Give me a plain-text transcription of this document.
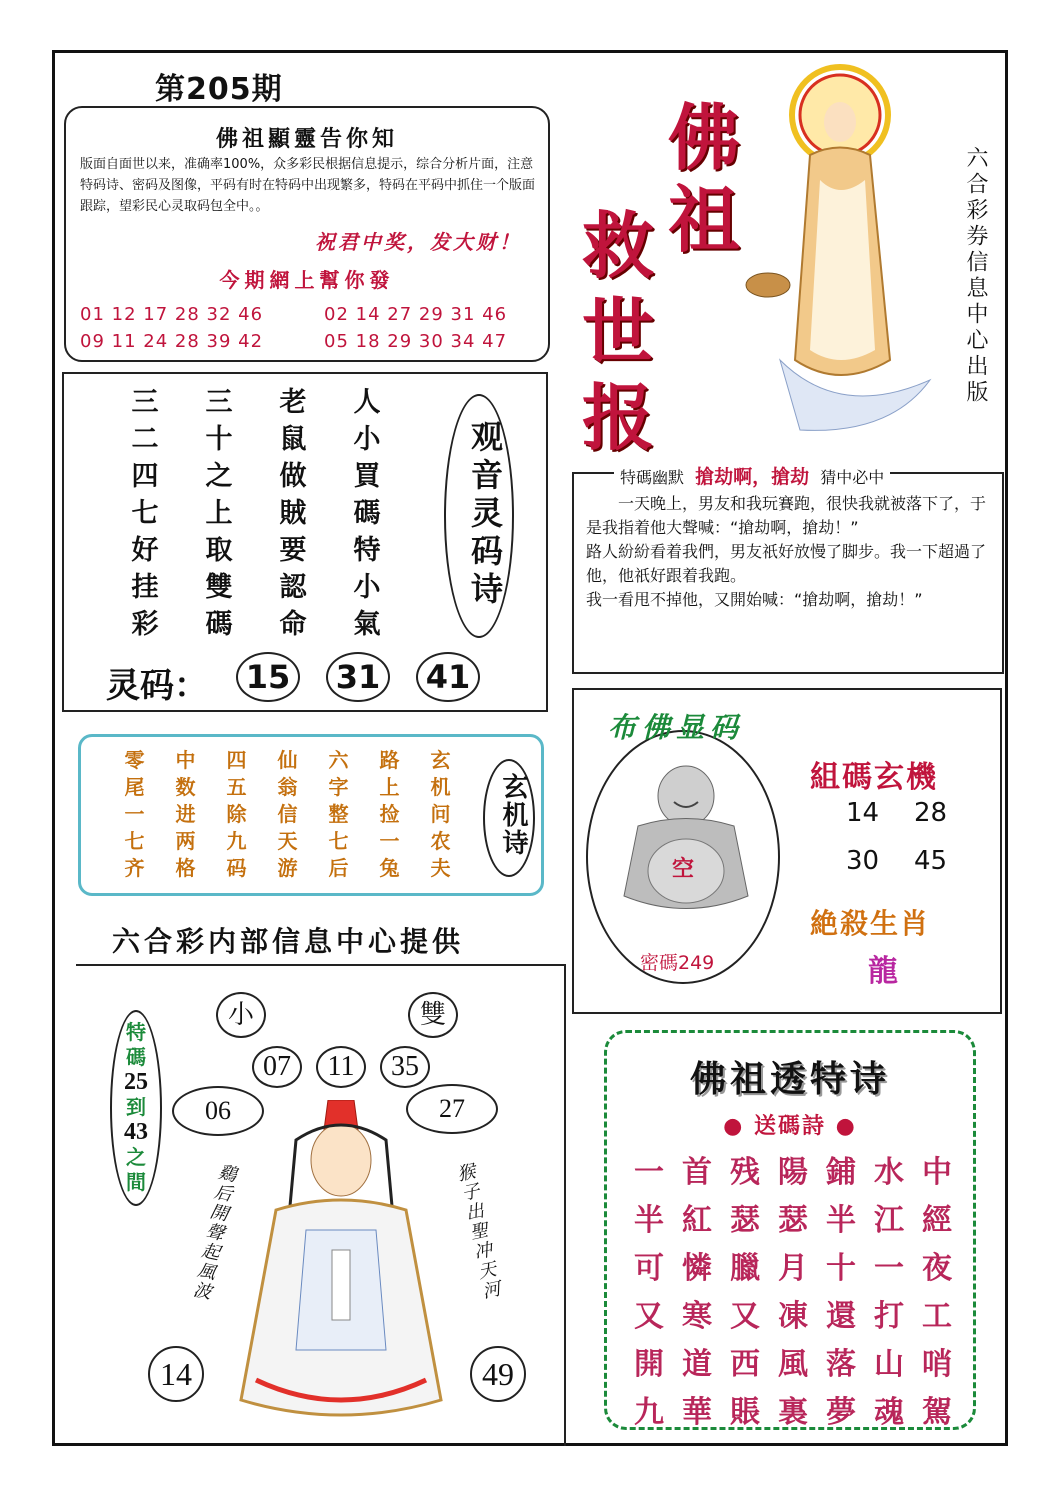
第205期
佛祖顯靈告你知
版面自面世以来，准确率100%，众多彩民根据信息提示，综合分析片面，注意特码诗、密码及图像，平码有时在特码中出现繁多，特码在平码中抓住一个版面跟踪，望彩民心灵取码包全中。。
祝君中奖，发大财！
今期網上幫你發
01 12 17 28 32 46
09 11 24 28 39 42
02 14 27 29 31 46
05 18 29 30 34 47
佛
祖
救
世
报
六合彩券信息中心出版
三	三	老	人
二	十	鼠	小
四	之	做	買
七	上	賊	碼
好	取	要	特
挂	雙	認	小
彩	碼	命	氣
观音灵码诗
灵码：	15	31	41
零	中	四	仙	六	路	玄
尾	数	五	翁	字	上	机
一	进	除	信	整	捡	问
七	两	九	天	七	一	农
齐	格	码	游	后	兔	夫
玄机诗
六合彩内部信息中心提供
特碼幽默 搶劫啊，搶劫 猜中必中

一天晚上，男友和我玩賽跑，很快我就被落下了，于是我指着他大聲喊：“搶劫啊，搶劫！”

路人紛紛看着我們，男友祇好放慢了脚步。我一下超過了他，他祇好跟着我跑。

我一看甩不掉他，又開始喊：“搶劫啊，搶劫！”

布佛显码
空
密碼249
組碼玄機
14 28
30 45
絶殺生肖
龍
佛祖透特诗
● 送碼詩 ●
一 首 残 陽 鋪 水 中
半 紅 瑟 瑟 半 江 經
可 憐 臘 月 十 一 夜
又 寒 又 凍 還 打 工
開 道 西 風 落 山 哨
九 華 賬 裏 夢 魂 駕
小	雙
07	11	35
06	27
特碼
25
到
43
之間 鷄后開聲起風波	猴子出聖冲天河
14	49
